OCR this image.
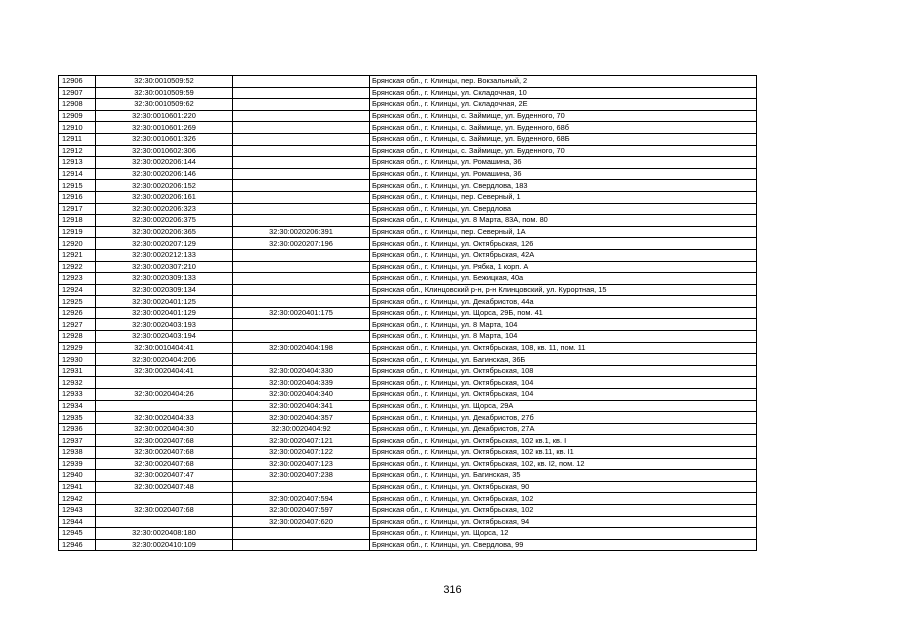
12906	32:30:0010509:52		Брянская обл., г. Клинцы, пер. Вокзальный, 2
12907	32:30:0010509:59		Брянская обл., г. Клинцы, ул. Складочная, 10
12908	32:30:0010509:62		Брянская обл., г. Клинцы, ул. Складочная, 2Е
12909	32:30:0010601:220		Брянская обл., г. Клинцы, с. Займище, ул. Буденного, 70
12910	32:30:0010601:269		Брянская обл., г. Клинцы, с. Займище, ул. Буденного, 68б
12911	32:30:0010601:326		Брянская обл., г. Клинцы, с. Займище, ул. Буденного, 68Б
12912	32:30:0010602:306		Брянская обл., г. Клинцы, с. Займище, ул. Буденного, 70
12913	32:30:0020206:144		Брянская обл., г. Клинцы, ул. Ромашина, 36
12914	32:30:0020206:146		Брянская обл., г. Клинцы, ул. Ромашина, 36
12915	32:30:0020206:152		Брянская обл., г. Клинцы, ул. Свердлова, 183
12916	32:30:0020206:161		Брянская обл., г. Клинцы, пер. Северный, 1
12917	32:30:0020206:323		Брянская обл., г. Клинцы, ул. Свердлова
12918	32:30:0020206:375		Брянская обл., г. Клинцы, ул. 8 Марта, 83А, пом. 80
12919	32:30:0020206:365	32:30:0020206:391	Брянская обл., г. Клинцы, пер. Северный, 1А
12920	32:30:0020207:129	32:30:0020207:196	Брянская обл., г. Клинцы, ул. Октябрьская, 126
12921	32:30:0020212:133		Брянская обл., г. Клинцы, ул. Октябрьская, 42А
12922	32:30:0020307:210		Брянская обл., г. Клинцы, ул. Рябка, 1 корп. А
12923	32:30:0020309:133		Брянская обл., г. Клинцы, ул. Бежицкая, 40а
12924	32:30:0020309:134		Брянская обл., Клинцовский р-н, р-н Клинцовский, ул. Курортная, 15
12925	32:30:0020401:125		Брянская обл., г. Клинцы, ул. Декабристов, 44а
12926	32:30:0020401:129	32:30:0020401:175	Брянская обл., г. Клинцы, ул. Щорса, 29Б, пом. 41
12927	32:30:0020403:193		Брянская обл., г. Клинцы, ул. 8 Марта, 104
12928	32:30:0020403:194		Брянская обл., г. Клинцы, ул. 8 Марта, 104
12929	32:30:0010404:41	32:30:0020404:198	Брянская обл., г. Клинцы, ул. Октябрьская, 108, кв. 11, пом. 11
12930	32:30:0020404:206		Брянская обл., г. Клинцы, ул. Багинская, 36Б
12931	32:30:0020404:41	32:30:0020404:330	Брянская обл., г. Клинцы, ул. Октябрьская, 108
12932		32:30:0020404:339	Брянская обл., г. Клинцы, ул. Октябрьская, 104
12933	32:30:0020404:26	32:30:0020404:340	Брянская обл., г. Клинцы, ул. Октябрьская, 104
12934		32:30:0020404:341	Брянская обл., г. Клинцы, ул. Щорса, 29А
12935	32:30:0020404:33	32:30:0020404:357	Брянская обл., г. Клинцы, ул. Декабристов, 27б
12936	32:30:0020404:30	32:30:0020404:92	Брянская обл., г. Клинцы, ул. Декабристов, 27А
12937	32:30:0020407:68	32:30:0020407:121	Брянская обл., г. Клинцы, ул. Октябрьская, 102 кв.1, кв. I
12938	32:30:0020407:68	32:30:0020407:122	Брянская обл., г. Клинцы, ул. Октябрьская, 102 кв.11, кв. I1
12939	32:30:0020407:68	32:30:0020407:123	Брянская обл., г. Клинцы, ул. Октябрьская, 102, кв. I2, пом. 12
12940	32:30:0020407:47	32:30:0020407:238	Брянская обл., г. Клинцы, ул. Багинская, 35
12941	32:30:0020407:48		Брянская обл., г. Клинцы, ул. Октябрьская, 90
12942		32:30:0020407:594	Брянская обл., г. Клинцы, ул. Октябрьская, 102
12943	32:30:0020407:68	32:30:0020407:597	Брянская обл., г. Клинцы, ул. Октябрьская, 102
12944		32:30:0020407:620	Брянская обл., г. Клинцы, ул. Октябрьская, 94
12945	32:30:0020408:180		Брянская обл., г. Клинцы, ул. Щорса, 12
12946	32:30:0020410:109		Брянская обл., г. Клинцы, ул. Свердлова, 99
316
